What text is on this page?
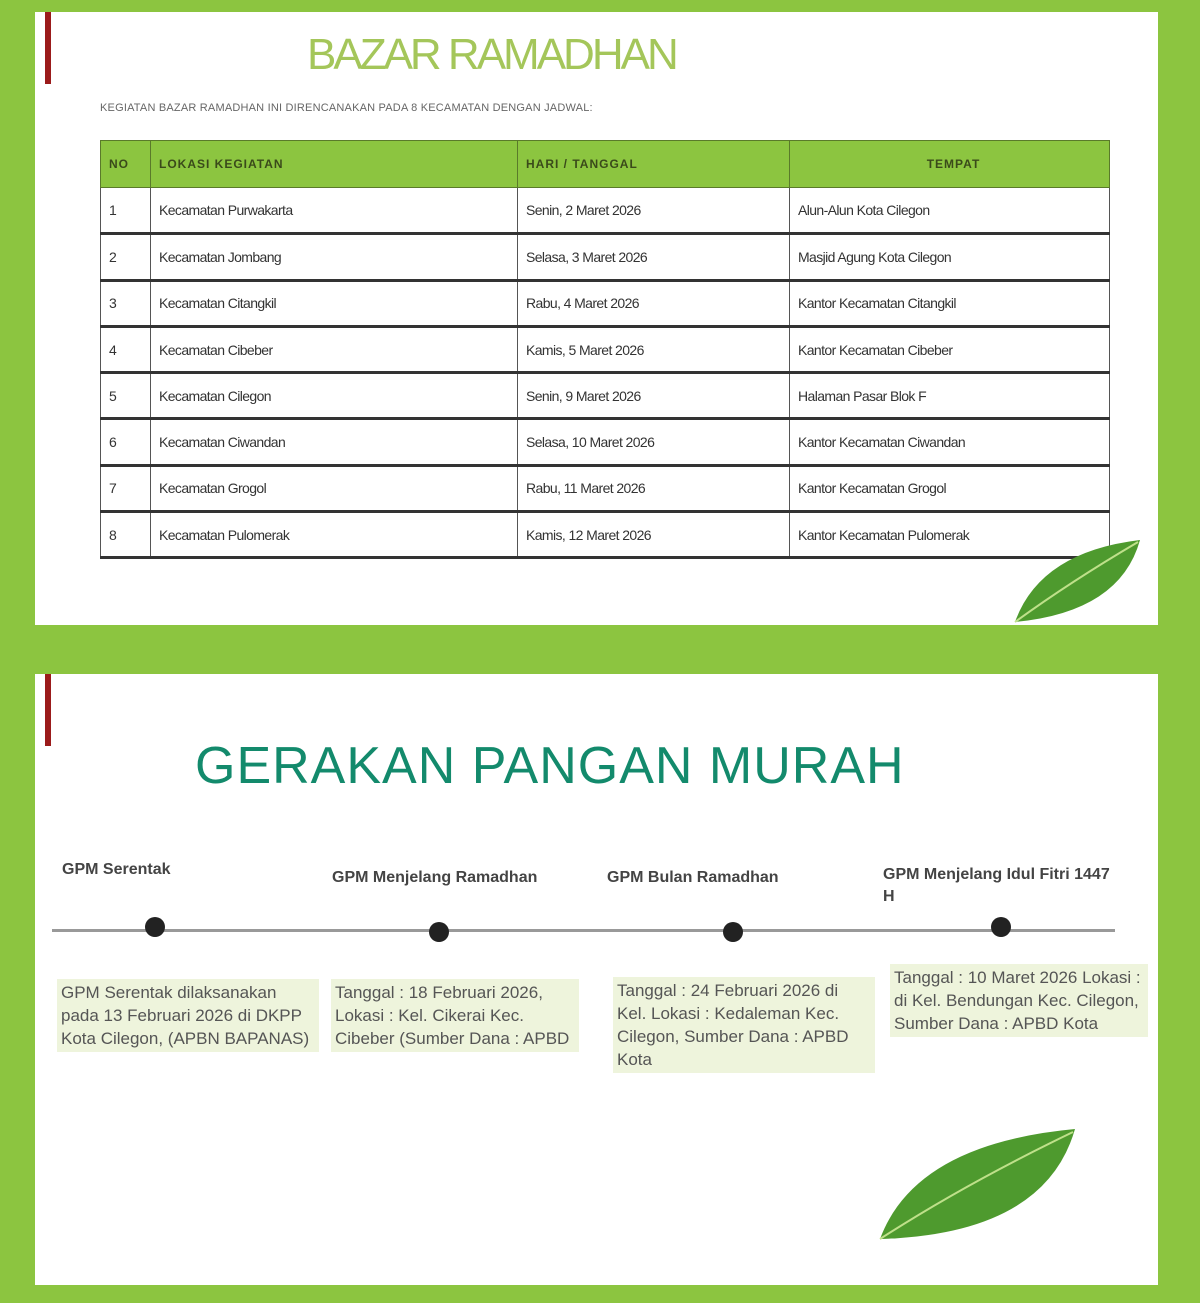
BAZAR RAMADHAN
KEGIATAN BAZAR RAMADHAN INI DIRENCANAKAN PADA 8 KECAMATAN DENGAN JADWAL:
NO	LOKASI KEGIATAN	HARI / TANGGAL	TEMPAT
1	Kecamatan Purwakarta	Senin, 2 Maret 2026	Alun-Alun Kota Cilegon
2	Kecamatan Jombang	Selasa, 3 Maret 2026	Masjid Agung Kota Cilegon
3	Kecamatan Citangkil	Rabu, 4 Maret 2026	Kantor Kecamatan Citangkil
4	Kecamatan Cibeber	Kamis, 5 Maret 2026	Kantor Kecamatan Cibeber
5	Kecamatan Cilegon	Senin, 9 Maret 2026	Halaman Pasar Blok F
6	Kecamatan Ciwandan	Selasa, 10 Maret 2026	Kantor Kecamatan Ciwandan
7	Kecamatan Grogol	Rabu, 11 Maret 2026	Kantor Kecamatan Grogol
8	Kecamatan Pulomerak	Kamis, 12 Maret 2026	Kantor Kecamatan Pulomerak
GERAKAN PANGAN MURAH
GPM Serentak
GPM Serentak dilaksanakan pada 13 Februari 2026 di DKPP Kota Cilegon, (APBN BAPANAS)
GPM Menjelang Ramadhan
Tanggal : 18 Februari 2026, Lokasi : Kel. Cikerai Kec. Cibeber (Sumber Dana : APBD
GPM Bulan Ramadhan
Tanggal : 24 Februari 2026 di Kel. Lokasi : Kedaleman Kec. Cilegon, Sumber Dana : APBD Kota
GPM Menjelang Idul Fitri 1447 H
Tanggal : 10 Maret 2026 Lokasi : di Kel. Bendungan Kec. Cilegon, Sumber Dana : APBD Kota
